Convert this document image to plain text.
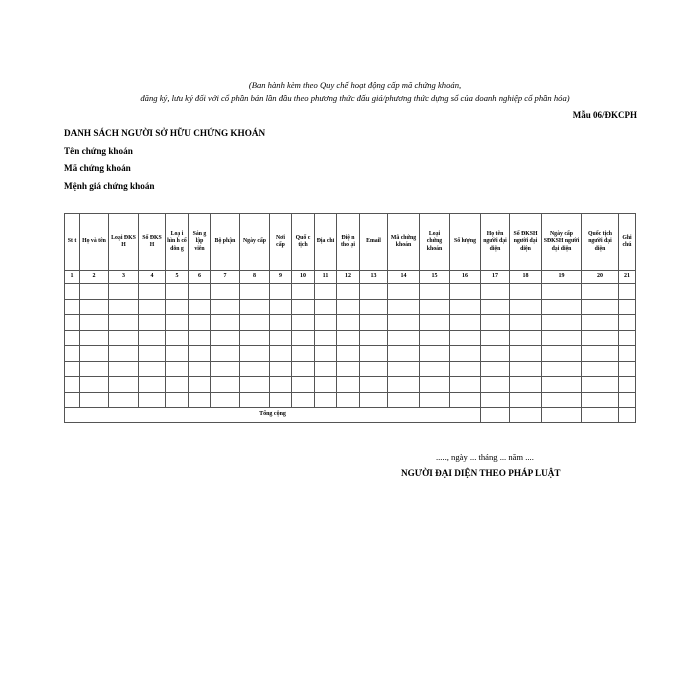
(Ban hành kèm theo Quy chế hoạt động cấp mã chứng khoán,
đăng ký, lưu ký đối với cổ phần bán lần đầu theo phương thức đấu giá/phương thức dựng sổ của doanh nghiệp cổ phần hóa)
Mẫu 06/ĐKCPH
DANH SÁCH NGƯỜI SỞ HỮU CHỨNG KHOÁN
Tên chứng khoán
Mã chứng khoán
Mệnh giá chứng khoán
St t	Họ và tên	Loại ĐKS H	Số ĐKS H	Loạ i hìn h cổ đôn g	Sán g lập viên	Bộ phận	Ngày cấp	Nơi cấp	Quố c tịch	Địa chỉ	Điệ n tho ại	Email	Mã chứng khoán	Loại chứng khoán	Số lượng	Họ tên người đại diện	Số ĐKSH người đại diện	Ngày cấp SĐKSH người đại diện	Quốc tịch người đại diện	Ghi chú
1	2	3	4	5	6	7	8	9	10	11	12	13	14	15	16	17	18	19	20	21

Tổng cộng																				
....., ngày ... tháng ... năm ....
NGƯỜI ĐẠI DIỆN THEO PHÁP LUẬT
